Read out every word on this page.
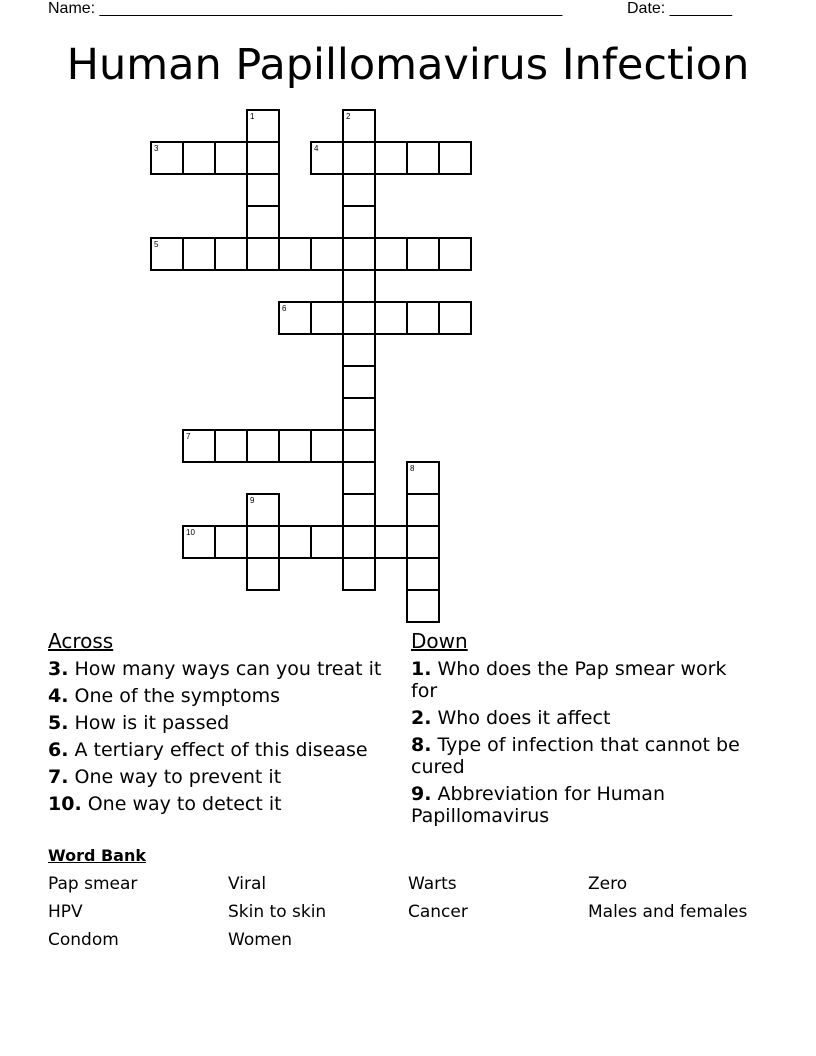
Name: ____________________________________________________	Date: _______
Human Papillomavirus Infection
1	2
3	4
5
6
7
8
9
10
Across
3. How many ways can you treat it
4. One of the symptoms
5. How is it passed
6. A tertiary effect of this disease
7. One way to prevent it
10. One way to detect it
Down
1. Who does the Pap smear work for
2. Who does it affect
8. Type of infection that cannot be cured
9. Abbreviation for Human Papillomavirus
Word Bank
Pap smear	Viral	Warts	Zero
HPV	Skin to skin	Cancer	Males and females
Condom	Women
